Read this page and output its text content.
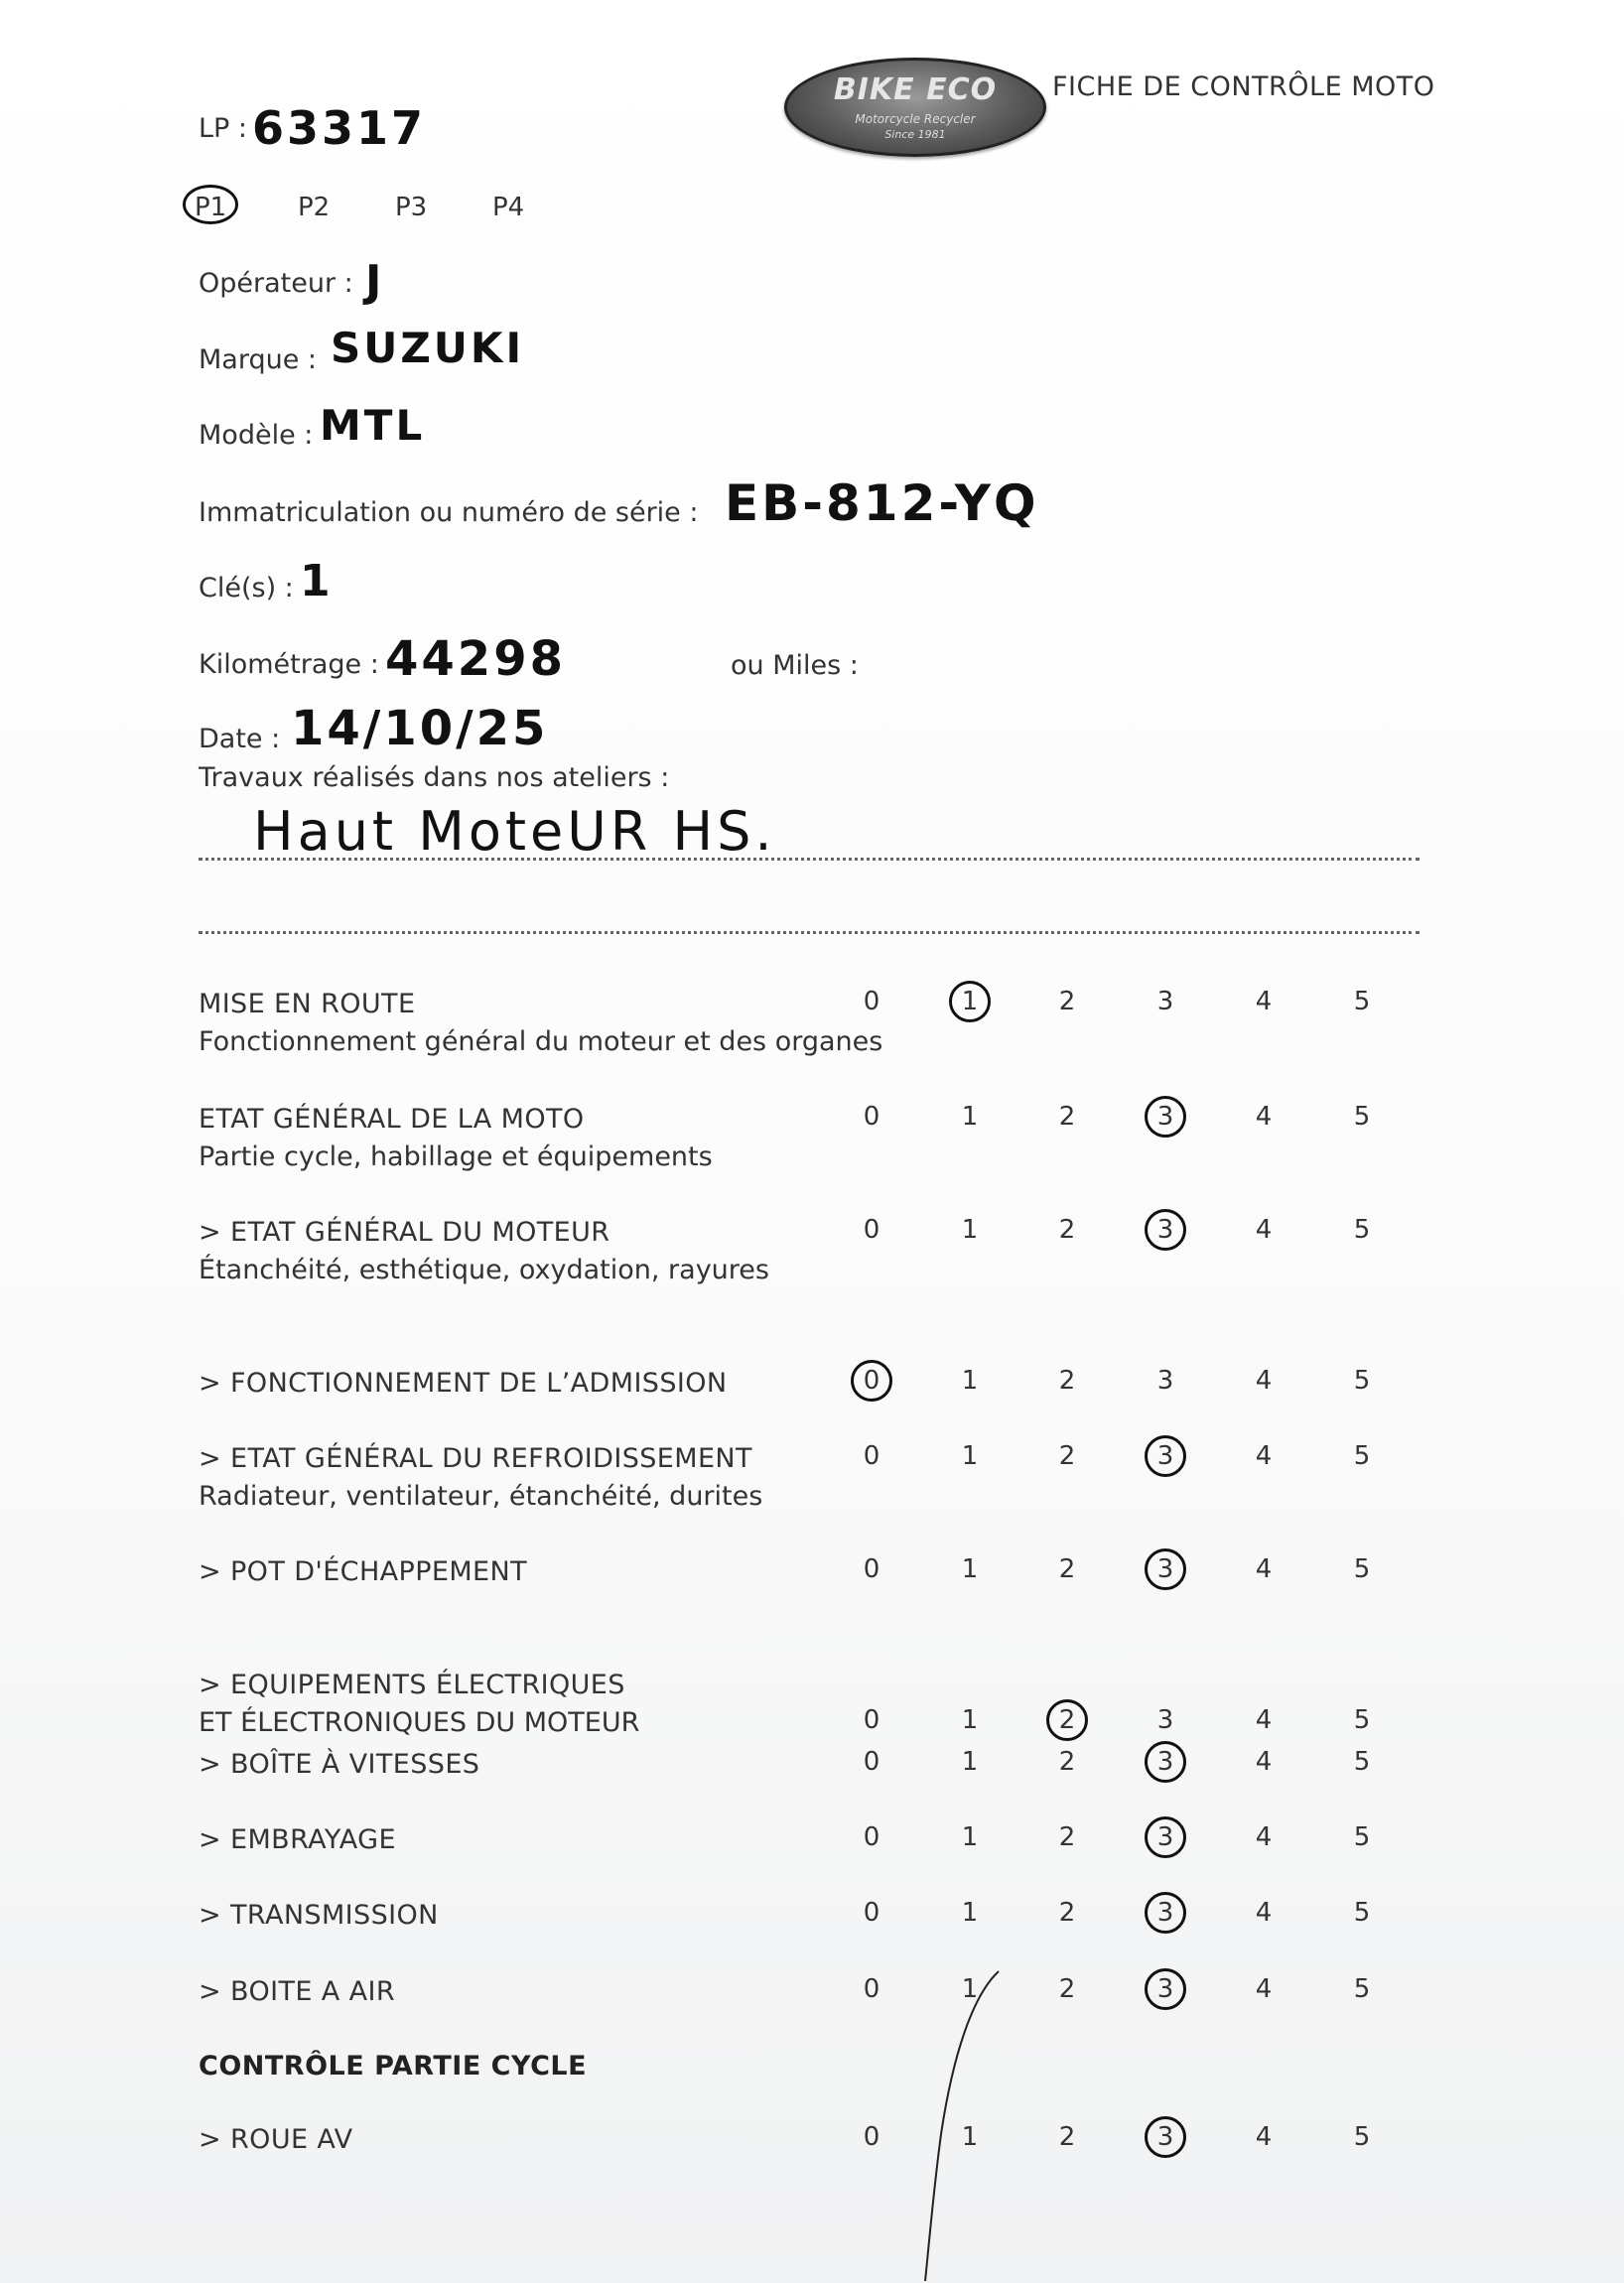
LP : 63317
P1	P2	P3	P4
BIKE ECO
Motorcycle Recycler
Since 1981
FICHE DE CONTRÔLE MOTO
Opérateur : J
Marque : SUZUKI
Modèle : MTL
Immatriculation ou numéro de série : EB-812-YQ
Clé(s) : 1
Kilométrage : 44298	ou Miles :
Date : 14/10/25
Travaux réalisés dans nos ateliers :
Haut MoteUR HS.
MISE EN ROUTE
Fonctionnement général du moteur et des organes
0	1	2	3	4	5
ETAT GÉNÉRAL DE LA MOTO
Partie cycle, habillage et équipements
0	1	2	3	4	5
> ETAT GÉNÉRAL DU MOTEUR
Étanchéité, esthétique, oxydation, rayures
0	1	2	3	4	5
> FONCTIONNEMENT DE L’ADMISSION	0	1	2	3	4	5
> ETAT GÉNÉRAL DU REFROIDISSEMENT
Radiateur, ventilateur, étanchéité, durites
0	1	2	3	4	5
> POT D'ÉCHAPPEMENT	0	1	2	3	4	5
> EQUIPEMENTS ÉLECTRIQUES
ET ÉLECTRONIQUES DU MOTEUR	0	1	2	3	4	5
> BOÎTE À VITESSES	0	1	2	3	4	5
> EMBRAYAGE	0	1	2	3	4	5
> TRANSMISSION	0	1	2	3	4	5
> BOITE A AIR	0	1	2	3	4	5
CONTRÔLE PARTIE CYCLE
> ROUE AV	0	1	2	3	4	5
